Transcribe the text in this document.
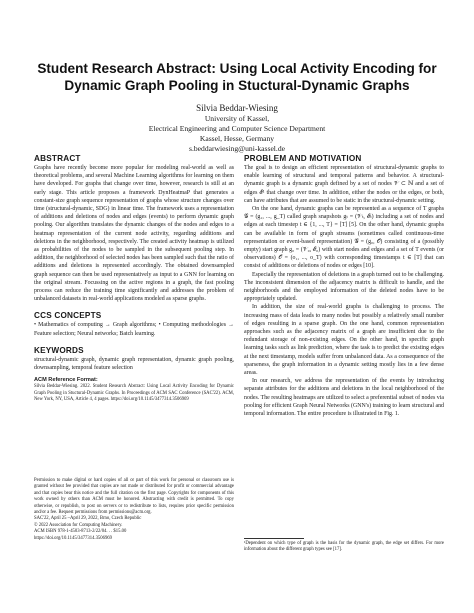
Student Research Abstract: Using Local Activity Encoding for
Dynamic Graph Pooling in Stuctural-Dynamic Graphs
Silvia Beddar-Wiesing
University of Kassel,
Electrical Engineering and Computer Science Department
Kassel, Hesse, Germany
s.beddarwiesing@uni-kassel.de
ABSTRACT

Graphs have recently become more popular for modeling real-world as well as theoretical problems, and several Machine Learning algorithms for learning on them have developed. For graphs that change over time, however, research is still at an early stage. This article proposes a framework DynHeatmaP that generates a constant-size graph sequence representation of graphs whose structure changes over time (structural-dynamic, SDG) in linear time. The framework uses a representation of additions and deletions of nodes and edges (events) to perform dynamic graph pooling. Our algorithm translates the dynamic changes of the nodes and edges to a heatmap representation of the current node activity, regarding additions and deletions in the neighborhood, respectively. The created activity heatmap is utilized as probabilities of the nodes to be sampled in the subsequent pooling step. In addition, the neighborhood of selected nodes has been sampled such that the ratio of additions and deletions is represented accordingly. The obtained downsampled graph sequence can then be used representatively as input to a GNN for learning on the original stream. Focussing on the active regions in a graph, the fast pooling process can reduce the training time significantly and addresses the problem of unbalanced datasets in real-world applications modeled as sparse graphs.

CCS CONCEPTS

• Mathematics of computing → Graph algorithms; • Computing methodologies → Feature selection; Neural networks; Batch learning.

KEYWORDS

structural-dynamic graph, dynamic graph representation, dynamic graph pooling, downsampling, temporal feature selection

ACM Reference Format:

Silvia Beddar-Wiesing. 2022. Student Research Abstract: Using Local Activity Encoding for Dynamic Graph Pooling in Stuctural-Dynamic Graphs. In Proceedings of ACM SAC Conference (SAC'22). ACM, New York, NY, USA, Article 4, 4 pages. https://doi.org/10.1145/3477314.3506969

Permission to make digital or hard copies of all or part of this work for personal or classroom use is granted without fee provided that copies are not made or distributed for profit or commercial advantage and that copies bear this notice and the full citation on the first page. Copyrights for components of this work owned by others than ACM must be honored. Abstracting with credit is permitted. To copy otherwise, or republish, to post on servers or to redistribute to lists, requires prior specific permission and/or a fee. Request permissions from permissions@acm.org.

SAC'22, April 25 –April 29, 2022, Brno, Czech Republic

© 2022 Association for Computing Machinery.

ACM ISBN 978-1-4503-8713-2/22/04. . . $15.00

https://doi.org/10.1145/3477314.3506969

PROBLEM AND MOTIVATION

The goal is to design an efficient representation of structural-dynamic graphs to enable learning of structural and temporal patterns and behavior. A structural-dynamic graph is a dynamic graph defined by a set of nodes 𝒱 ⊂ ℕ and a set of edges ℰ¹ that change over time. In addition, either the nodes or the edges, or both, can have attributes that are assumed to be static in the structural-dynamic setting.

On the one hand, dynamic graphs can be represented as a sequence of T graphs 𝒢 = (g₁, ..., g_T) called graph snapshots gₜ = (𝒱ₜ, ℰₜ) including a set of nodes and edges at each timestep t ∈ {1, ..., T} = [T] [5]. On the other hand, dynamic graphs can be available in form of graph streams (sometimes called continuous-time representation or event-based representation) 𝒢 = (g₀, 𝒪) consisting of a (possibly empty) start graph g₀ = (𝒱₀, ℰ₀) with start nodes and edges and a set of T events (or observations) 𝒪 = (o₁, ..., o_T) with corresponding timestamps t ∈ [T] that can consist of additions or deletions of nodes or edges [10].

Especially the representation of deletions in a graph turned out to be challenging. The inconsistent dimension of the adjacency matrix is difficult to handle, and the neighborhoods and the employed information of the deleted nodes have to be appropriately updated.

In addition, the size of real-world graphs is challenging to process. The increasing mass of data leads to many nodes but possibly a relatively small number of edges resulting in a sparse graph. On the one hand, common representation approaches such as the adjacency matrix of a graph are insufficient due to the redundant storage of non-existing edges. On the other hand, in specific graph learning tasks such as link prediction, where the task is to predict the existing edges at the next timestamp, models suffer from unbalanced data. As a consequence of the sparseness, the graph information in a dynamic setting mostly lies in a few dense areas.

In our research, we address the representation of the events by introducing separate attributes for the additions and deletions in the local neighborhood of the nodes. The resulting heatmaps are utilized to select a preferential subset of nodes via pooling for efficient Graph Neural Networks (GNN's) training to learn structural and temporal information. The entire procedure is illustrated in Fig. 1.

¹Dependent on which type of graph is the basis for the dynamic graph, the edge set differs. For more information about the different graph types see [17].
